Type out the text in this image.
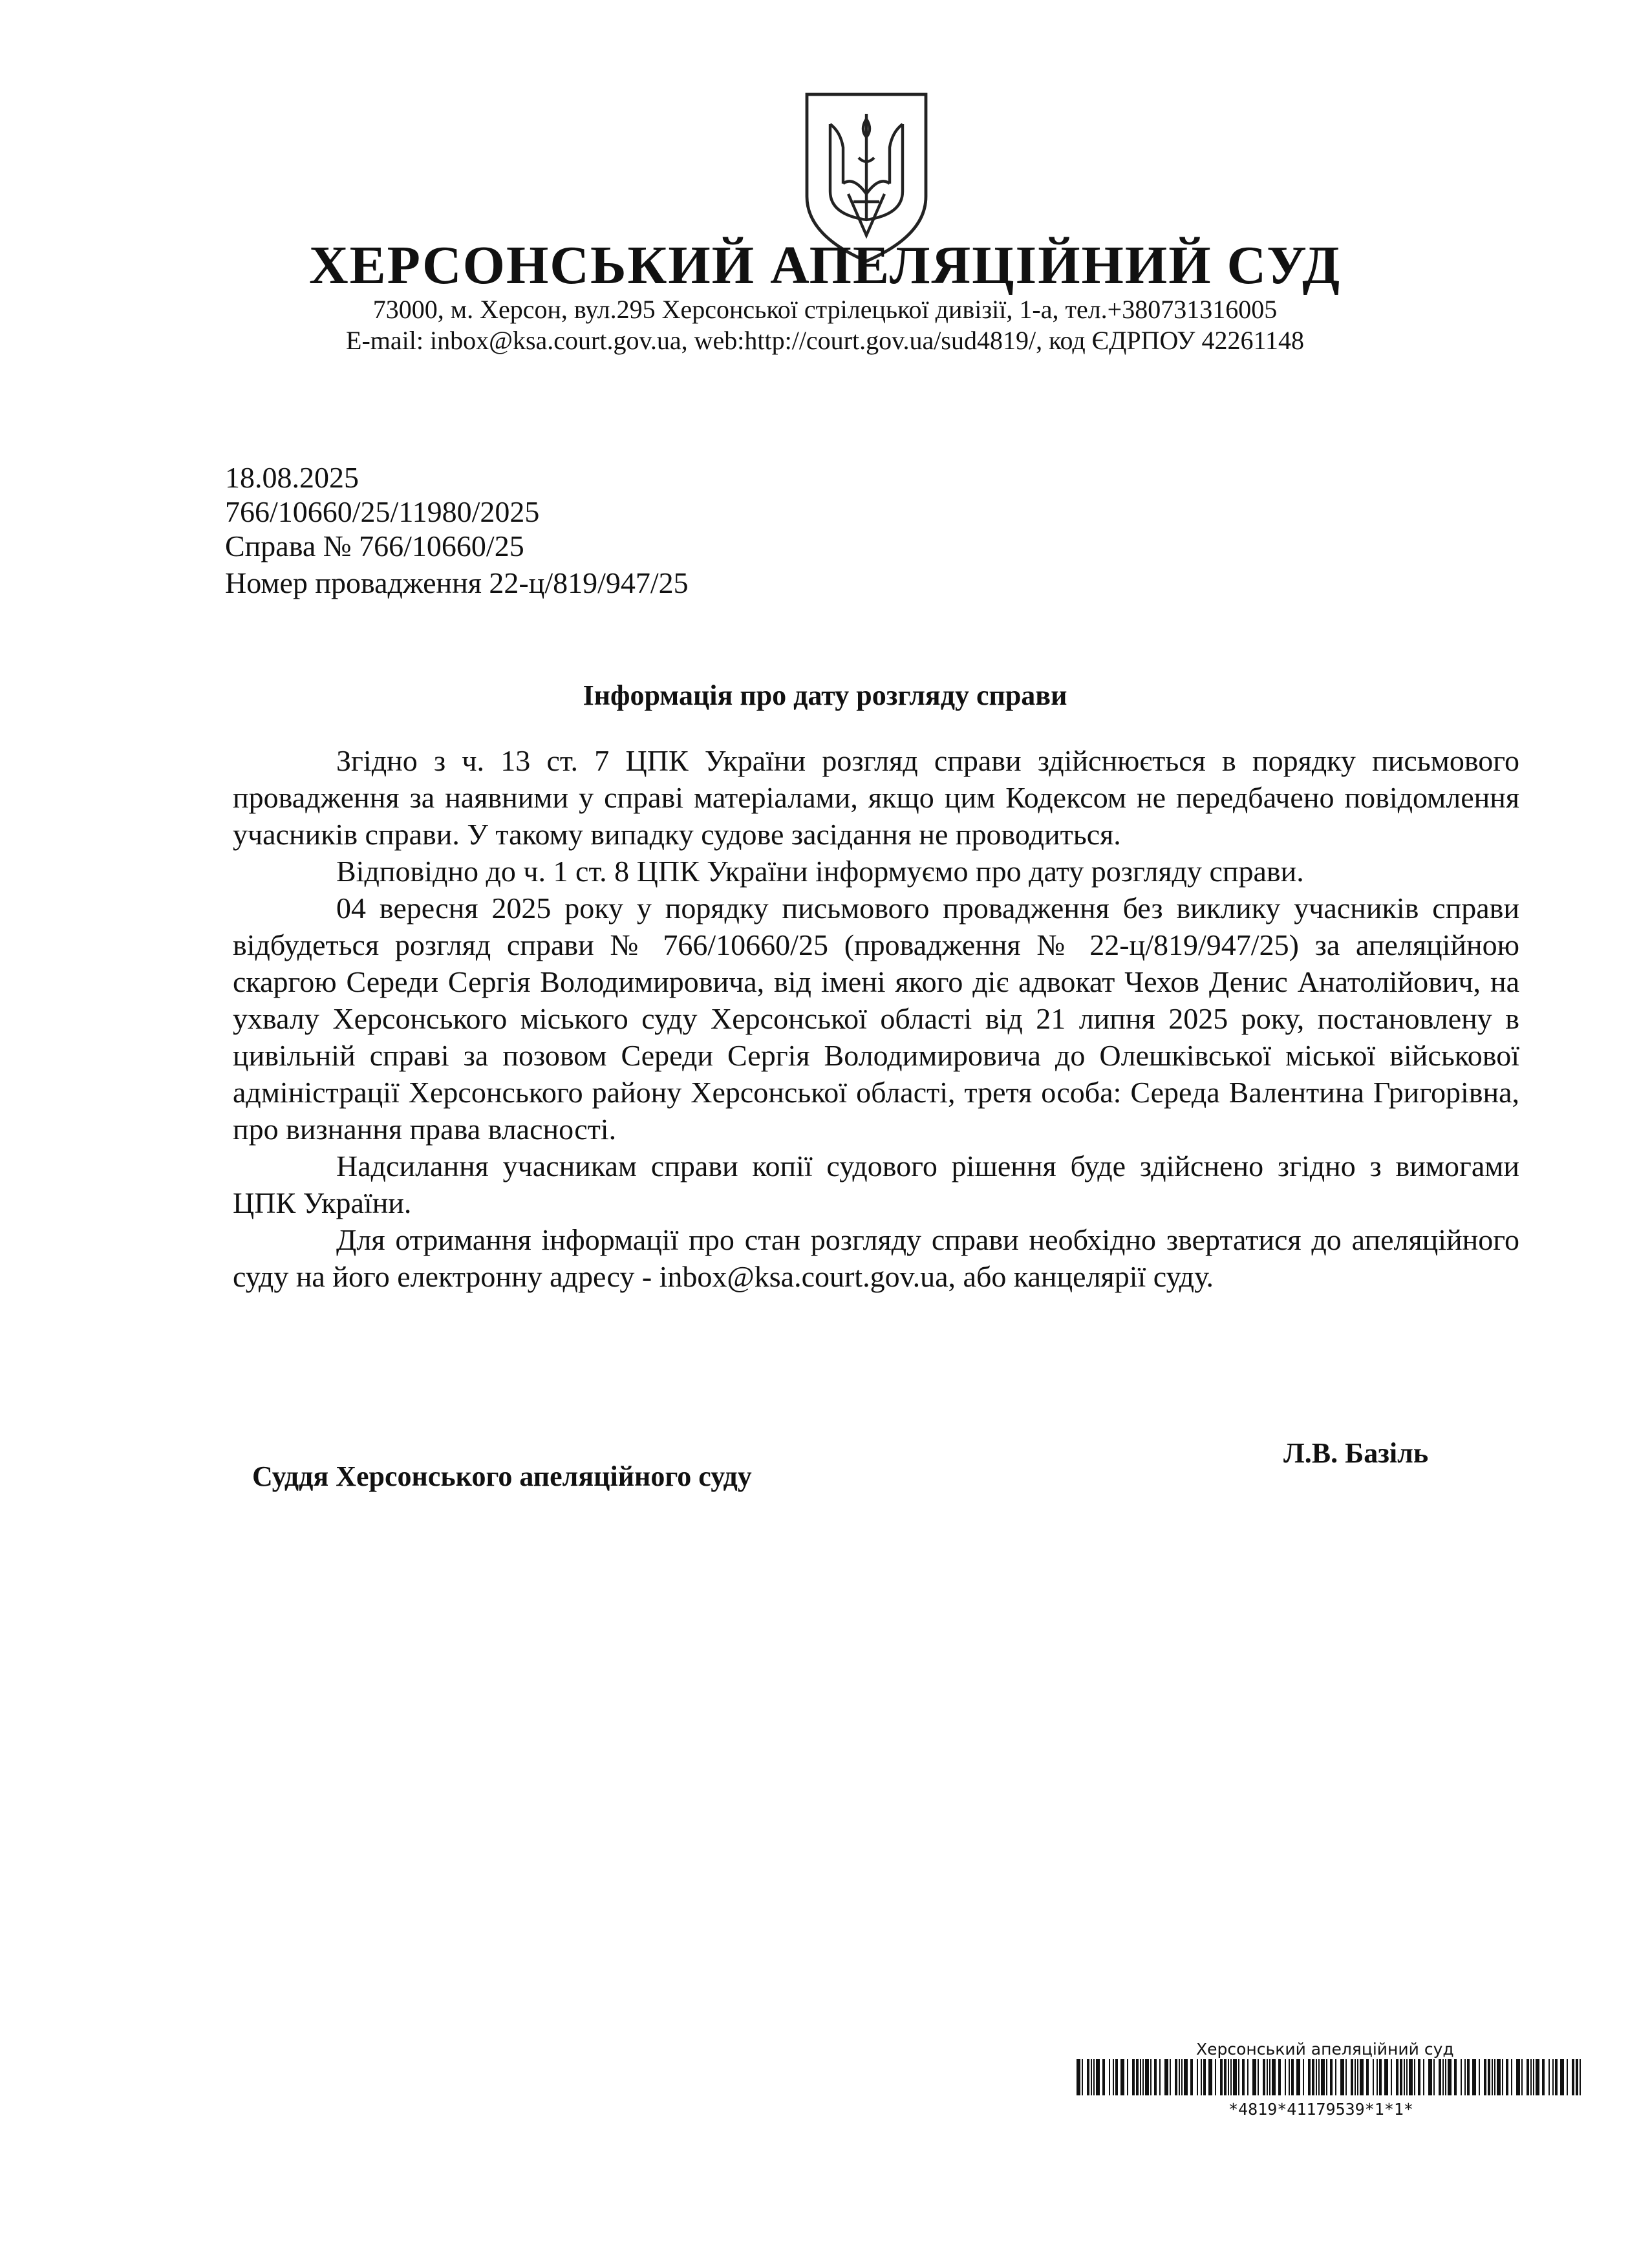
ХЕРСОНСЬКИЙ АПЕЛЯЦІЙНИЙ СУД
73000, м. Херсон, вул.295 Херсонської стрілецької дивізії, 1-а, тел.+380731316005
E-mail: inbox@ksa.court.gov.ua, web:http://court.gov.ua/sud4819/, код ЄДРПОУ 42261148
18.08.2025
766/10660/25/11980/2025
Справа № 766/10660/25
Номер провадження 22-ц/819/947/25
Інформація про дату розгляду справи

Згідно з ч. 13 ст. 7 ЦПК України розгляд справи здійснюється в порядку письмового провадження за наявними у справі матеріалами, якщо цим Кодексом не передбачено повідомлення учасників справи. У такому випадку судове засідання не проводиться.

Відповідно до ч. 1 ст. 8 ЦПК України інформуємо про дату розгляду справи.

04 вересня 2025 року у порядку письмового провадження без виклику учасників справи відбудеться розгляд справи № 766/10660/25 (провадження № 22-ц/819/947/25) за апеляційною скаргою Середи Сергія Володимировича, від імені якого діє адвокат Чехов Денис Анатолійович, на ухвалу Херсонського міського суду Херсонської області від 21 липня 2025 року, постановлену в цивільній справі за позовом Середи Сергія Володимировича до Олешківської міської військової адміністрації Херсонського району Херсонської області, третя особа: Середа Валентина Григорівна, про визнання права власності.

Надсилання учасникам справи копії судового рішення буде здійснено згідно з вимогами ЦПК України.

Для отримання інформації про стан розгляду справи необхідно звертатися до апеляційного суду на його електронну адресу - inbox@ksa.court.gov.ua, або канцелярії суду.

Суддя Херсонського апеляційного суду
Л.В. Базіль
Херсонський апеляційний суд
*4819*41179539*1*1*
